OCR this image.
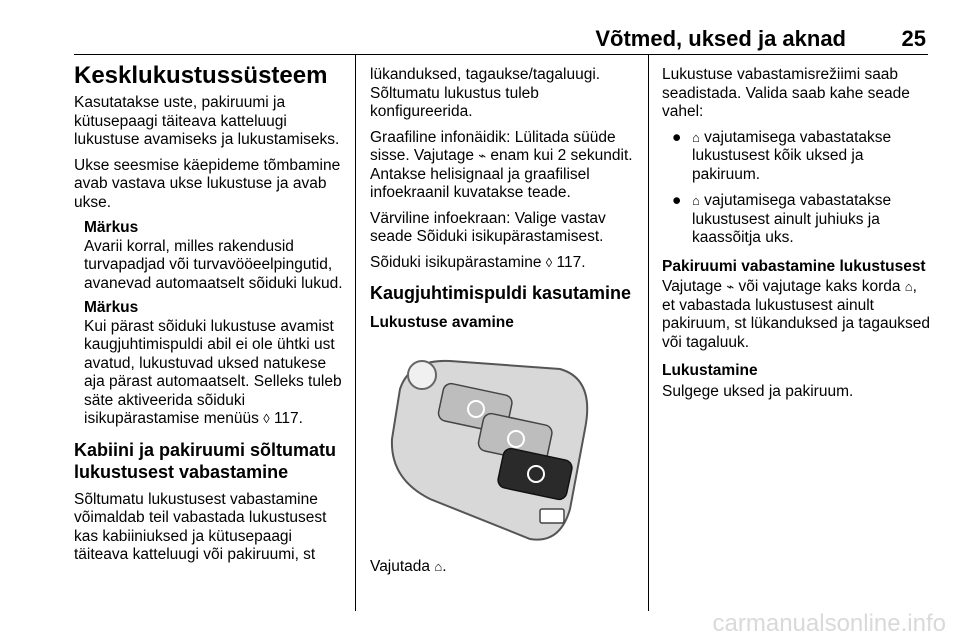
Võtmed, uksed ja aknad	25
Kesklukustussüsteem
Kasutatakse uste, pakiruumi ja kütusepaagi täiteava katteluugi lukustuse avamiseks ja lukustamiseks.
Ukse seesmise käepideme tõmbamine avab vastava ukse lukustuse ja avab ukse.
Märkus
Avarii korral, milles rakendusid turvapadjad või turvavööeelpingutid, avanevad automaatselt sõiduki lukud.
Märkus
Kui pärast sõiduki lukustuse avamist kaugjuhtimispuldi abil ei ole ühtki ust avatud, lukustuvad uksed natukese aja pärast automaatselt. Selleks tuleb säte aktiveerida sõiduki isikupärastamise menüüs ◊ 117.
Kabiini ja pakiruumi sõltumatu lukustusest vabastamine
Sõltumatu lukustusest vabastamine võimaldab teil vabastada lukustusest kas kabiiniuksed ja kütusepaagi täiteava katteluugi või pakiruumi, st
lükanduksed, tagaukse/tagaluugi. Sõltumatu lukustus tuleb konfigureerida.
Graafiline infonäidik: Lülitada süüde sisse. Vajutage ⌁ enam kui 2 sekundit. Antakse helisignaal ja graafilisel infoekraanil kuvatakse teade.
Värviline infoekraan: Valige vastav seade Sõiduki isikupärastamisest.
Sõiduki isikupärastamine ◊ 117.
Kaugjuhtimispuldi kasutamine
Lukustuse avamine
Vajutada ⌂.
Lukustuse vabastamisrežiimi saab seadistada. Valida saab kahe seade vahel:
● ⌂ vajutamisega vabastatakse lukustusest kõik uksed ja pakiruum.
● ⌂ vajutamisega vabastatakse lukustusest ainult juhiuks ja kaassõitja uks.
Pakiruumi vabastamine lukustusest
Vajutage ⌁ või vajutage kaks korda ⌂, et vabastada lukustusest ainult pakiruum, st lükanduksed ja tagauksed või tagaluuk.
Lukustamine
Sulgege uksed ja pakiruum.
carmanualsonline.info
